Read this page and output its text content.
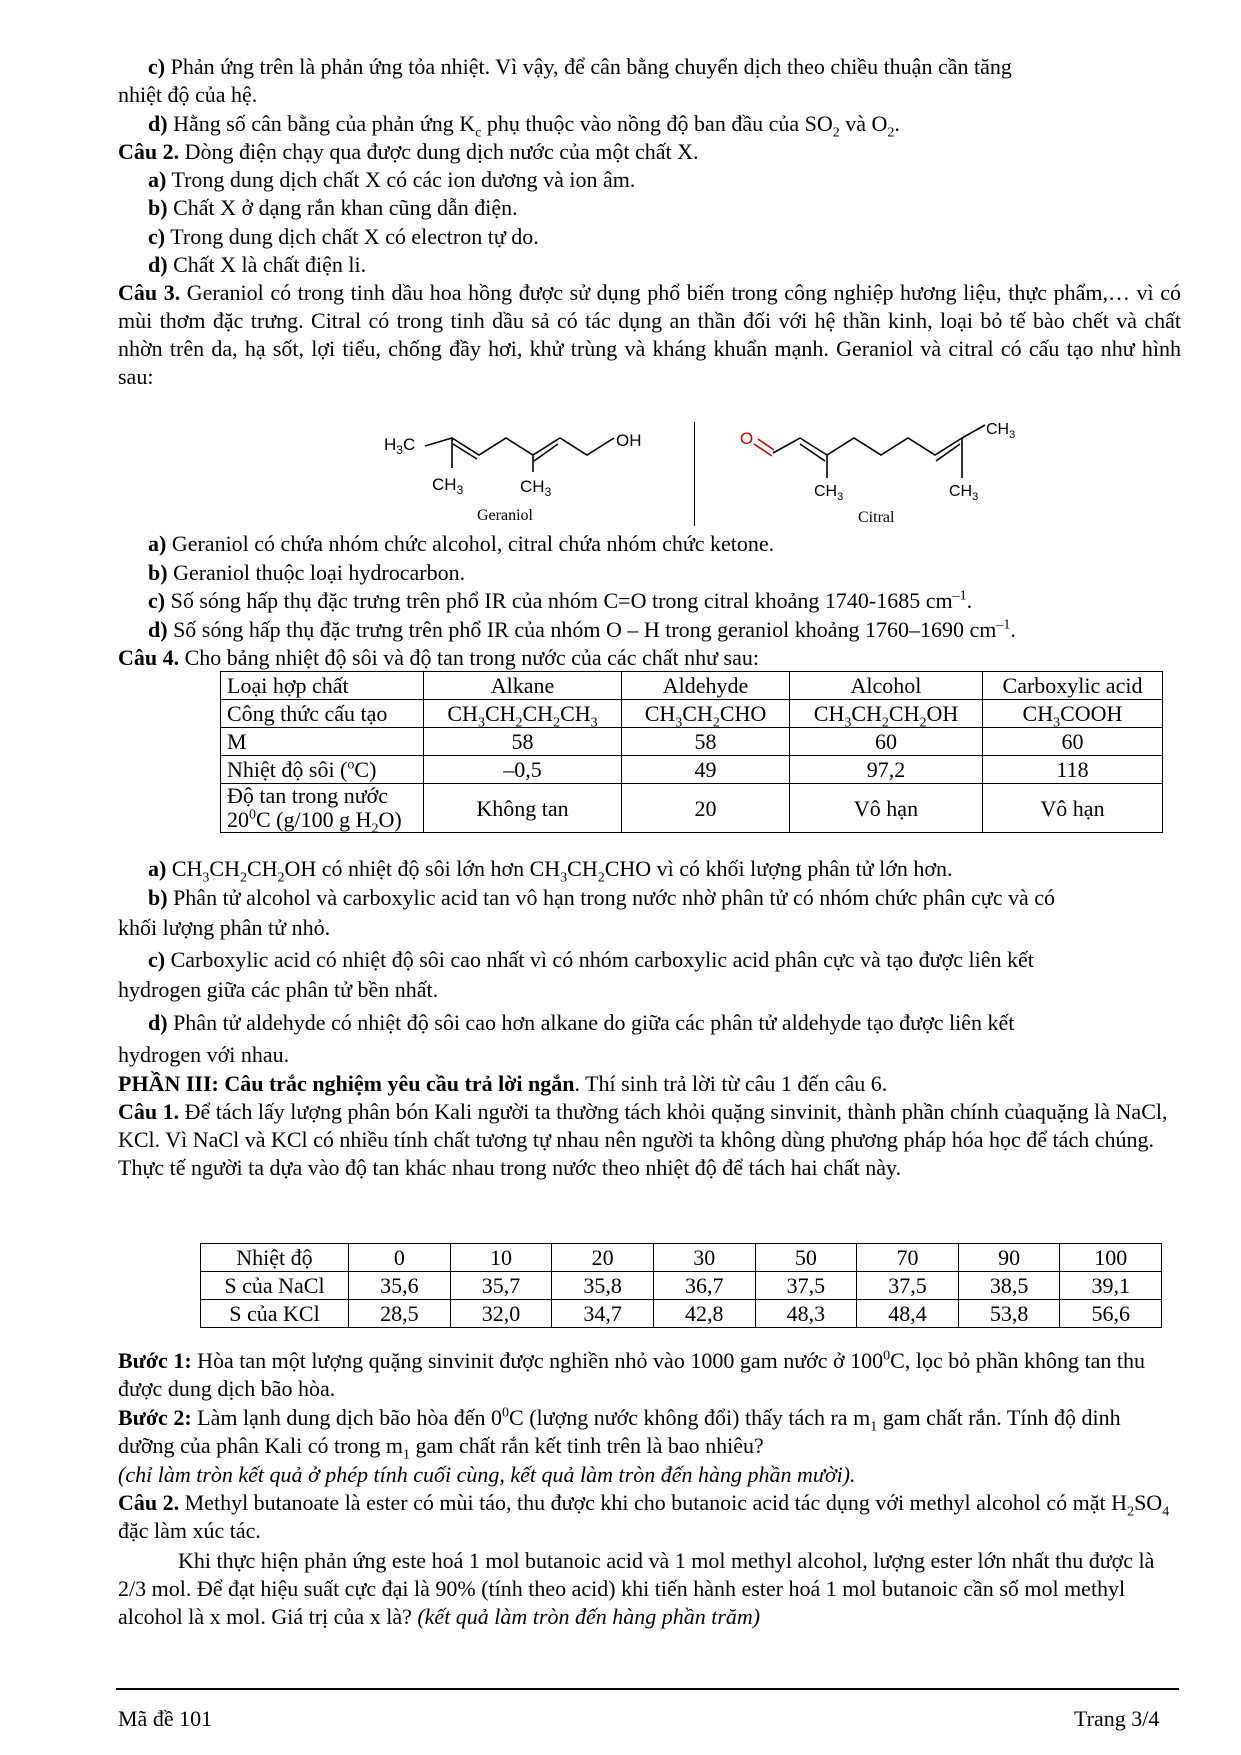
c) Phản ứng trên là phản ứng tỏa nhiệt. Vì vậy, để cân bằng chuyển dịch theo chiều thuận cần tăng
nhiệt độ của hệ.
d) Hằng số cân bằng của phản ứng $K_c$ phụ thuộc vào nồng độ ban đầu của $SO_2$ và $O_2$.
Câu 2. Dòng điện chạy qua được dung dịch nước của một chất X.
a) Trong dung dịch chất X có các ion dương và ion âm.
b) Chất X ở dạng rắn khan cũng dẫn điện.
c) Trong dung dịch chất X có electron tự do.
d) Chất X là chất điện li.
Câu 3. Geraniol có trong tinh dầu hoa hồng được sử dụng phổ biến trong công nghiệp hương liệu, thực phẩm,… vì có mùi thơm đặc trưng. Citral có trong tinh dầu sả có tác dụng an thần đối với hệ thần kinh, loại bỏ tế bào chết và chất nhờn trên da, hạ sốt, lợi tiểu, chống đầy hơi, khử trùng và kháng khuẩn mạnh. Geraniol và citral có cấu tạo như hình sau:
$H_3C$
$CH_3$	$CH_3$
OH
Geraniol
O	$CH_3$
$CH_3$	$CH_3$
Citral
a) Geraniol có chứa nhóm chức alcohol, citral chứa nhóm chức ketone.
b) Geraniol thuộc loại hydrocarbon.
c) Số sóng hấp thụ đặc trưng trên phổ IR của nhóm C=O trong citral khoảng 1740-1685 $cm^{-1}$.
d) Số sóng hấp thụ đặc trưng trên phổ IR của nhóm O – H trong geraniol khoảng 1760–1690 $cm^{-1}$.
Câu 4. Cho bảng nhiệt độ sôi và độ tan trong nước của các chất như sau:
Loại hợp chất	Alkane	Aldehyde	Alcohol	Carboxylic acid
Công thức cấu tạo	$CH_3CH_2CH_2CH_3$	$CH_3CH_2CHO$	$CH_3CH_2CH_2OH$	$CH_3COOH$
M	58	58	60	60
Nhiệt độ sôi ($^o$C)	–0,5	49	97,2	118
Độ tan trong nước
$20^0C$ (g/100 g $H_2O$)	Không tan	20	Vô hạn	Vô hạn
a) $CH_3CH_2CH_2OH$ có nhiệt độ sôi lớn hơn $CH_3CH_2CHO$ vì có khối lượng phân tử lớn hơn.
b) Phân tử alcohol và carboxylic acid tan vô hạn trong nước nhờ phân tử có nhóm chức phân cực và có
khối lượng phân tử nhỏ.
c) Carboxylic acid có nhiệt độ sôi cao nhất vì có nhóm carboxylic acid phân cực và tạo được liên kết
hydrogen giữa các phân tử bền nhất.
d) Phân tử aldehyde có nhiệt độ sôi cao hơn alkane do giữa các phân tử aldehyde tạo được liên kết
hydrogen với nhau.
PHẦN III: Câu trắc nghiệm yêu cầu trả lời ngắn. Thí sinh trả lời từ câu 1 đến câu 6.
Câu 1. Để tách lấy lượng phân bón Kali người ta thường tách khỏi quặng sinvinit, thành phần chính củaquặng là NaCl, KCl. Vì NaCl và KCl có nhiều tính chất tương tự nhau nên người ta không dùng phương pháp hóa học để tách chúng. Thực tế người ta dựa vào độ tan khác nhau trong nước theo nhiệt độ để tách hai chất này.
Nhiệt độ	0	10	20	30	50	70	90	100
S của NaCl	35,6	35,7	35,8	36,7	37,5	37,5	38,5	39,1
S của KCl	28,5	32,0	34,7	42,8	48,3	48,4	53,8	56,6
Bước 1: Hòa tan một lượng quặng sinvinit được nghiền nhỏ vào 1000 gam nước ở $100^0C$, lọc bỏ phần không tan thu được dung dịch bão hòa.
Bước 2: Làm lạnh dung dịch bão hòa đến $0^0C$ (lượng nước không đổi) thấy tách ra $m_1$ gam chất rắn. Tính độ dinh dưỡng của phân Kali có trong $m_1$ gam chất rắn kết tinh trên là bao nhiêu?
(chỉ làm tròn kết quả ở phép tính cuối cùng, kết quả làm tròn đến hàng phần mười).
Câu 2. Methyl butanoate là ester có mùi táo, thu được khi cho butanoic acid tác dụng với methyl alcohol có mặt $H_2SO_4$ đặc làm xúc tác.
Khi thực hiện phản ứng este hoá 1 mol butanoic acid và 1 mol methyl alcohol, lượng ester lớn nhất thu được là 2/3 mol. Để đạt hiệu suất cực đại là 90% (tính theo acid) khi tiến hành ester hoá 1 mol butanoic cần số mol methyl alcohol là x mol. Giá trị của x là? (kết quả làm tròn đến hàng phần trăm)
Mã đề 101	Trang 3/4
